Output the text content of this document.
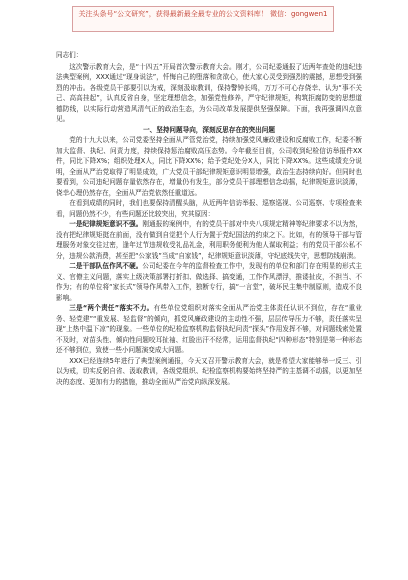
关注头条号“公文研究”，获得最新最全最专业的公文资料库！ 微信：gongwen1

同志们：

这次警示教育大会，是“十四五”开局首次警示教育大会。刚才，公司纪委通报了近两年查处的违纪违法典型案例，XXX通过“现身说法”，忏悔自己的堕落和贪欲心，使大家心灵受到强烈的震撼，思想受到强烈的冲击。各级党员干部要引以为戒，深刻汲取教训，保持警钟长鸣，万万不可心存侥幸、认为“事不关己、高高挂起”，认真反省自身，坚定理想信念，加强党性修养，严守纪律规矩，构筑拒腐防变的思想道德防线，以实际行动营造风清气正的政治生态，为公司改革发展提供坚强保障。下面，我再强调四点意见。

一、坚持问题导向，深刻反思存在的突出问题

党的十九大以来，公司党委坚持全面从严管党治党，持续加强党风廉政建设和反腐败工作，纪委不断加大监督、执纪、问责力度，持续保持惩治腐败高压态势。今年截至目前，公司收到纪检信访举报件XX件，同比下降X%；组织处理X人，同比下降XX%；给予党纪处分X人，同比下降XX%。这些成绩充分说明，全面从严治党取得了明显成效，广大党员干部纪律规矩意识明显增强，政治生态持续向好。但同时也要看到，公司违纪问题存量依然存在，增量仍有发生，部分党员干部理想信念动摇，纪律规矩意识淡薄，侥幸心理仍然存在，全面从严治党依然任重道远。

在看到成绩的同时，我们也要保持清醒头脑，从近两年信访举报、巡察巡视、公司巡察、专项检查来看，问题仍然不少，有些问题还比较突出，究其原因：

一是纪律规矩意识不强。刚通报的案例中，有的党员干部对中央八项规定精神等纪律要求不以为然，没有把纪律规矩挺在前面，没有做到自觉把个人行为置于党纪国法的约束之下。比如，有的领导干部与管理服务对象交往过密，逢年过节违规收受礼品礼金，利用职务便利为他人谋取利益；有的党员干部公私不分，违规公款消费，甚至把“公家钱”当成“自家钱”，纪律规矩意识淡薄，守纪底线失守，思想防线崩溃。

二是干部队伍作风不硬。公司纪委在今年的监督检查工作中，发现有的单位和部门存在明显的形式主义、官僚主义问题，落实上级决策部署打折扣、做选择、搞变通，工作作风漂浮，推诿扯皮，不担当、不作为；有的单位将“家长式”领导作风带入工作，独断专行，搞“一言堂”，破坏民主集中制原则，造成不良影响。

三是“两个责任”落实不力。有些单位党组织对落实全面从严治党主体责任认识不到位，存在“重业务、轻党建”“重发展、轻监督”的倾向，抓党风廉政建设的主动性不强，层层传导压力不够，责任落实呈现“上热中温下凉”的现象。一些单位的纪检监察机构监督执纪问责“探头”作用发挥不够，对问题线索处置不及时，对苗头性、倾向性问题咬耳扯袖、红脸出汗不经常，运用监督执纪“四种形态”特别是第一种形态还不够到位，致使一些小问题演变成大问题。

XXX已经连续5年进行了典型案例通报，今天又召开警示教育大会，就是希望大家能够举一反三、引以为戒，切实反躬自省、汲取教训，各级党组织、纪检监察机构要始终坚持严的主基调不动摇，以更加坚决的态度、更加有力的措施，推动全面从严治党向纵深发展。
